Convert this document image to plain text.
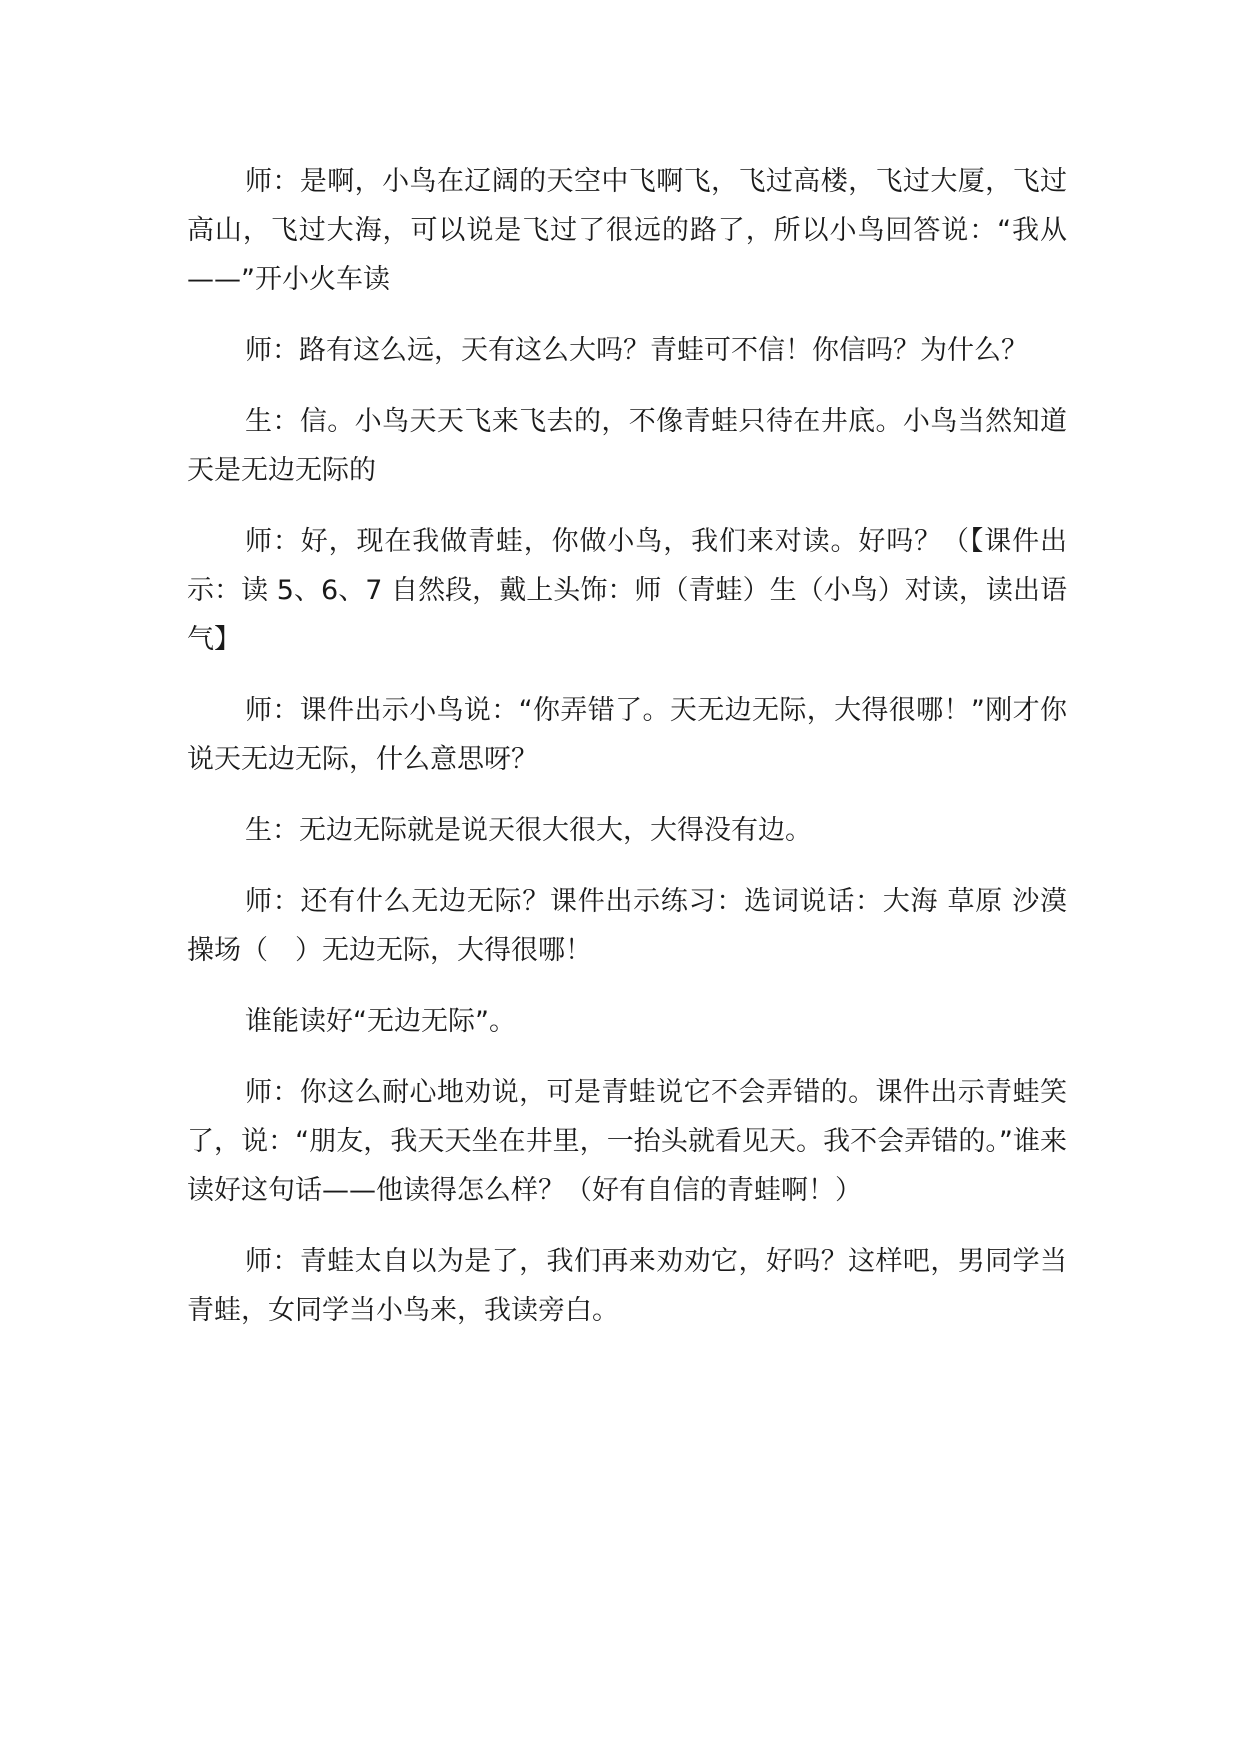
师：是啊，小鸟在辽阔的天空中飞啊飞，飞过高楼，飞过大厦，飞过高山，飞过大海，可以说是飞过了很远的路了，所以小鸟回答说：“我从——”开小火车读

师：路有这么远，天有这么大吗？青蛙可不信！你信吗？为什么？

生：信。小鸟天天飞来飞去的，不像青蛙只待在井底。小鸟当然知道天是无边无际的

师：好，现在我做青蛙，你做小鸟，我们来对读。好吗？（【课件出示：读 5、6、7 自然段，戴上头饰：师（青蛙）生（小鸟）对读，读出语气】

师：课件出示小鸟说：“你弄错了。天无边无际，大得很哪！”刚才你说天无边无际，什么意思呀？

生：无边无际就是说天很大很大，大得没有边。

师：还有什么无边无际？课件出示练习：选词说话：大海 草原 沙漠 操场（　）无边无际，大得很哪！

谁能读好“无边无际”。

师：你这么耐心地劝说，可是青蛙说它不会弄错的。课件出示青蛙笑了，说：“朋友，我天天坐在井里，一抬头就看见天。我不会弄错的。”谁来读好这句话——他读得怎么样？（好有自信的青蛙啊！）

师：青蛙太自以为是了，我们再来劝劝它，好吗？这样吧，男同学当青蛙，女同学当小鸟来，我读旁白。
